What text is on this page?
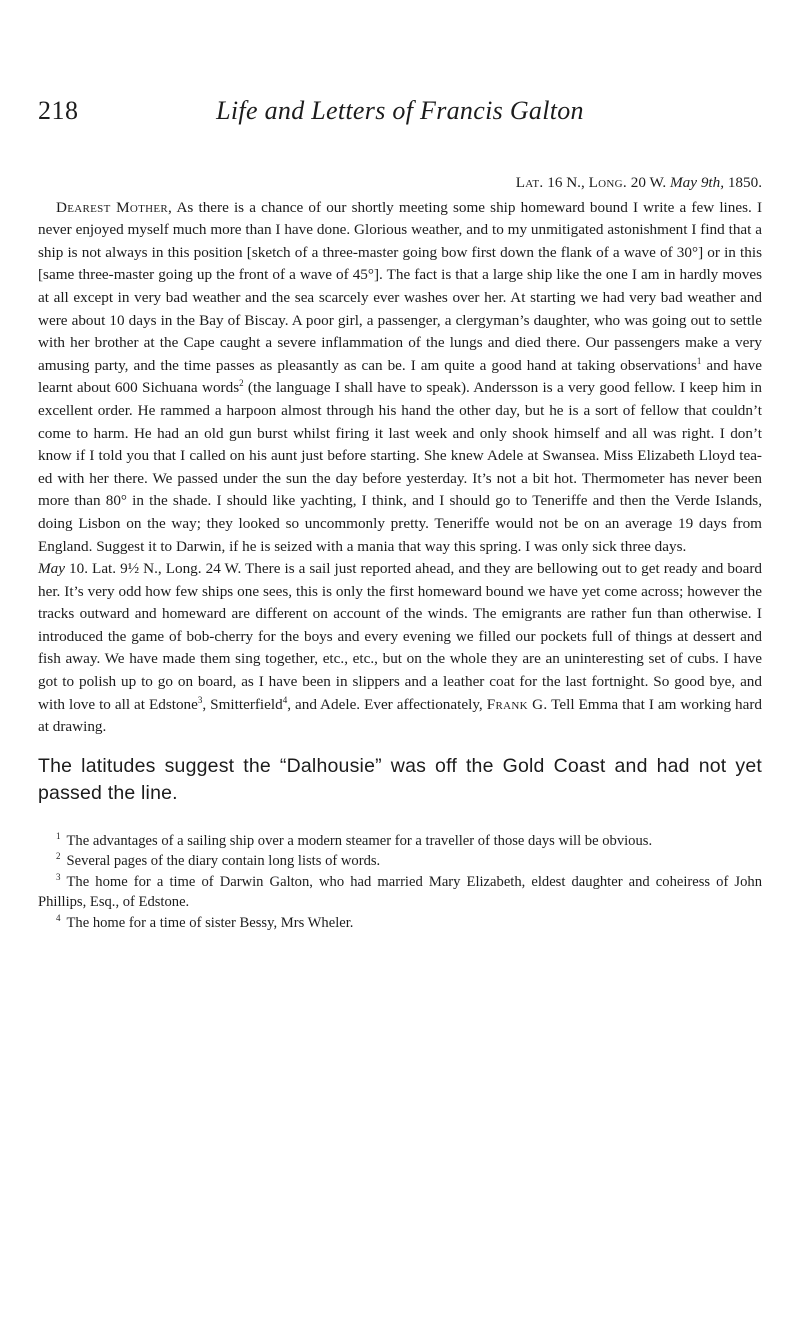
218	Life and Letters of Francis Galton
Lat. 16 N., Long. 20 W. May 9th, 1850.

Dearest Mother, As there is a chance of our shortly meeting some ship homeward bound I write a few lines. I never enjoyed myself much more than I have done. Glorious weather, and to my unmitigated astonishment I find that a ship is not always in this position [sketch of a three-master going bow first down the flank of a wave of 30°] or in this [same three-master going up the front of a wave of 45°]. The fact is that a large ship like the one I am in hardly moves at all except in very bad weather and the sea scarcely ever washes over her. At starting we had very bad weather and were about 10 days in the Bay of Biscay. A poor girl, a passenger, a clergyman’s daughter, who was going out to settle with her brother at the Cape caught a severe inflammation of the lungs and died there. Our passengers make a very amusing party, and the time passes as pleasantly as can be. I am quite a good hand at taking observations$^1$ and have learnt about 600 Sichuana words$^2$ (the language I shall have to speak). Andersson is a very good fellow. I keep him in excellent order. He rammed a harpoon almost through his hand the other day, but he is a sort of fellow that couldn’t come to harm. He had an old gun burst whilst firing it last week and only shook himself and all was right. I don’t know if I told you that I called on his aunt just before starting. She knew Adele at Swansea. Miss Elizabeth Lloyd tea-ed with her there. We passed under the sun the day before yesterday. It’s not a bit hot. Thermometer has never been more than 80° in the shade. I should like yachting, I think, and I should go to Teneriffe and then the Verde Islands, doing Lisbon on the way; they looked so uncommonly pretty. Teneriffe would not be on an average 19 days from England. Suggest it to Darwin, if he is seized with a mania that way this spring. I was only sick three days.

May 10. Lat. 9½ N., Long. 24 W. There is a sail just reported ahead, and they are bellowing out to get ready and board her. It’s very odd how few ships one sees, this is only the first homeward bound we have yet come across; however the tracks outward and homeward are different on account of the winds. The emigrants are rather fun than otherwise. I introduced the game of bob-cherry for the boys and every evening we filled our pockets full of things at dessert and fish away. We have made them sing together, etc., etc., but on the whole they are an uninteresting set of cubs. I have got to polish up to go on board, as I have been in slippers and a leather coat for the last fortnight. So good bye, and with love to all at Edstone$^3$, Smitterfield$^4$, and Adele. Ever affectionately, Frank G. Tell Emma that I am working hard at drawing.

The latitudes suggest the “Dalhousie” was off the Gold Coast and had not yet passed the line.

$^1$ The advantages of a sailing ship over a modern steamer for a traveller of those days will be obvious.

$^2$ Several pages of the diary contain long lists of words.

$^3$ The home for a time of Darwin Galton, who had married Mary Elizabeth, eldest daughter and coheiress of John Phillips, Esq., of Edstone.

$^4$ The home for a time of sister Bessy, Mrs Wheler.
